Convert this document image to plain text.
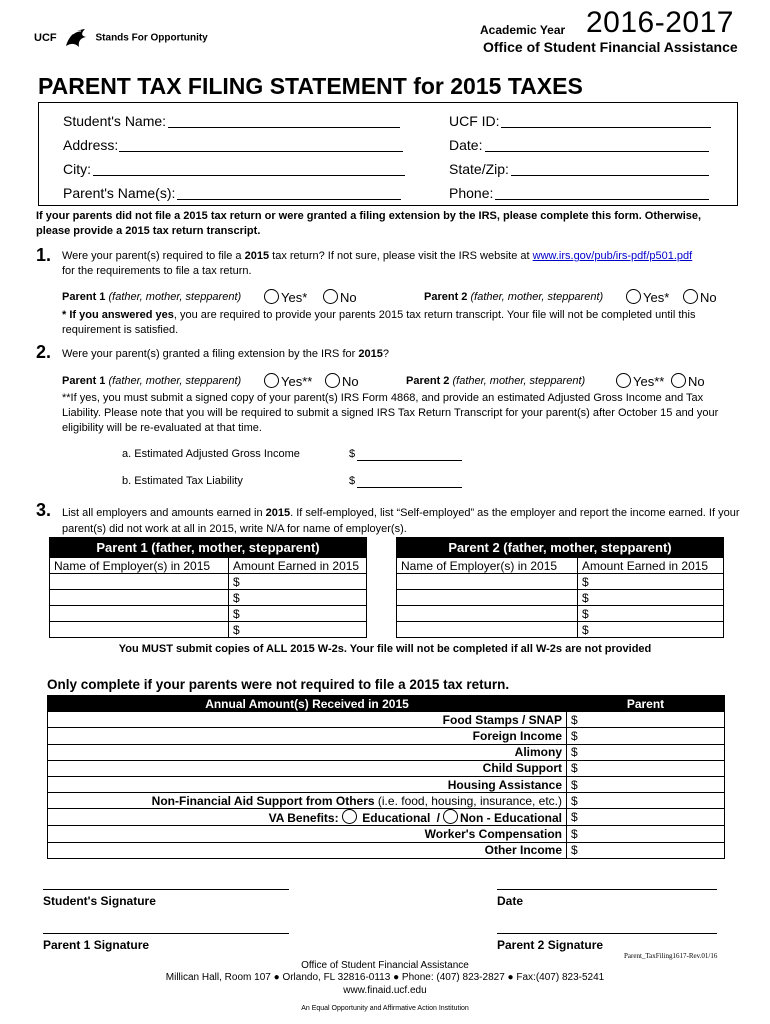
UCF	Stands For Opportunity
Academic Year 2016-2017
Office of Student Financial Assistance
PARENT TAX FILING STATEMENT for 2015 TAXES
Student's Name:	UCF ID:
Address:	Date:
City:	State/Zip:
Parent's Name(s):	Phone:
If your parents did not file a 2015 tax return or were granted a filing extension by the IRS, please complete this form. Otherwise, please provide a 2015 tax return transcript.
1. Were your parent(s) required to file a 2015 tax return? If not sure, please visit the IRS website at www.irs.gov/pub/irs-pdf/p501.pdf
for the requirements to file a tax return.
Parent 1 (father, mother, stepparent)	Yes*	No	Parent 2 (father, mother, stepparent)	Yes*	No
* If you answered yes, you are required to provide your parents 2015 tax return transcript. Your file will not be completed until this requirement is satisfied.
2. Were your parent(s) granted a filing extension by the IRS for 2015?
Parent 1 (father, mother, stepparent)	Yes**	No	Parent 2 (father, mother, stepparent)	Yes**	No
**If yes, you must submit a signed copy of your parent(s) IRS Form 4868, and provide an estimated Adjusted Gross Income and Tax Liability. Please note that you will be required to submit a signed IRS Tax Return Transcript for your parent(s) after October 15 and your eligibility will be re-evaluated at that time.
a. Estimated Adjusted Gross Income	$
b. Estimated Tax Liability	$
3. List all employers and amounts earned in 2015. If self-employed, list “Self-employed” as the employer and report the income earned. If your parent(s) did not work at all in 2015, write N/A for name of employer(s).
Parent 1 (father, mother, stepparent)	
Name of Employer(s) in 2015	Amount Earned in 2015
	$
	$
	$
	$
Parent 2 (father, mother, stepparent)	
Name of Employer(s) in 2015	Amount Earned in 2015
	$
	$
	$
	$
You MUST submit copies of ALL 2015 W-2s. Your file will not be completed if all W-2s are not provided
Only complete if your parents were not required to file a 2015 tax return.
Annual Amount(s) Received in 2015	Parent
Food Stamps / SNAP	$
Foreign Income	$
Alimony	$
Child Support	$
Housing Assistance	$
Non-Financial Aid Support from Others (i.e. food, housing, insurance, etc.)	$
VA Benefits: Educational / Non - Educational	$
Worker's Compensation	$
Other Income	$
Student's Signature	Date
Parent 1 Signature	Parent 2 Signature
Parent_TaxFiling1617-Rev.01/16
Office of Student Financial Assistance
Millican Hall, Room 107 ● Orlando, FL 32816-0113 ● Phone: (407) 823-2827 ● Fax:(407) 823-5241
www.finaid.ucf.edu
An Equal Opportunity and Affirmative Action Institution
